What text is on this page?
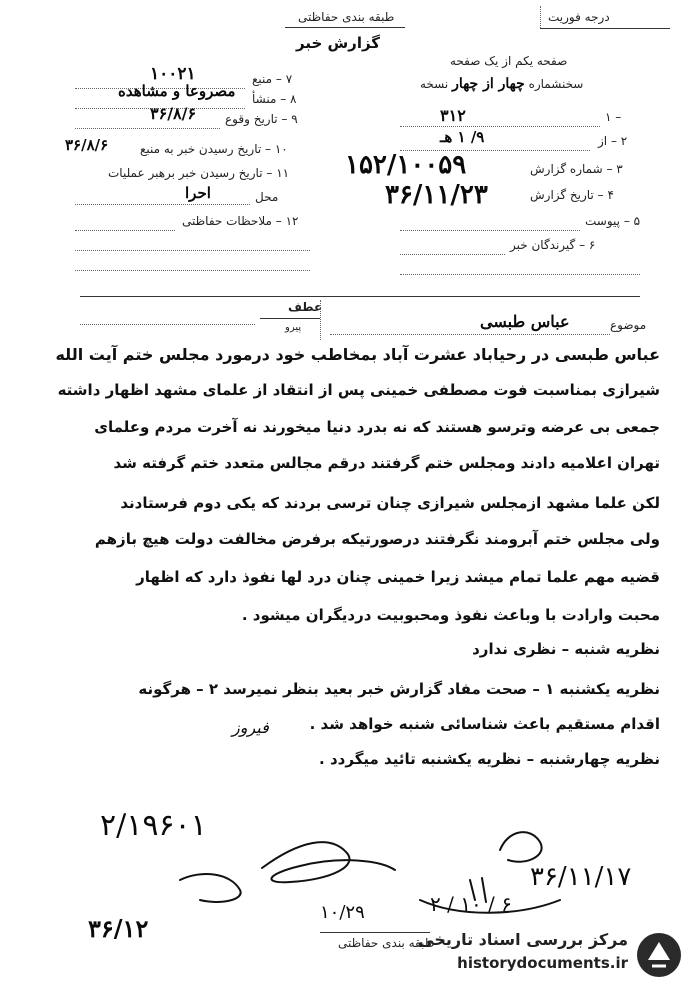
طبقه بندی حفاظتی
گزارش خبر
درجه فوریت
صفحه یکم از یک صفحه
سخنشماره چهار از چهار نسخه
۷ – منبع
۱۰۰۲۱
۸ – منشأ
مصروعا و مشاهده
۹ – تاریخ وقوع
۳۶/۸/۶
۱۰ – تاریخ رسیدن خبر به منبع
۳۶/۸/۶
۱۱ – تاریخ رسیدن خبر برهبر عملیات
محل
احرا
۱۲ – ملاحظات حفاظتی
۱ –
۳۱۲
۲ – از
۹/ ۱ هـ
۳ – شماره گزارش
۱۵۲/۱۰۰۵۹
۴ – تاریخ گزارش
۳۶/۱۱/۲۳
۵ – پیوست
۶ – گیرندگان خبر
عطف
پیرو	موضوع
عباس طبسی
عباس طبسی در رحیاباد عشرت آباد بمخاطب خود درمورد مجلس ختم آیت الله
شیرازی بمناسبت فوت مصطفی خمینی پس از انتقاد از علمای مشهد اظهار داشته
جمعی بی عرضه وترسو هستند که نه بدرد دنیا میخورند نه آخرت مردم وعلمای
تهران اعلامیه دادند ومجلس ختم گرفتند درقم مجالس متعدد ختم گرفته شد
لکن علما مشهد ازمجلس شیرازی چنان ترسی بردند که یکی دوم فرستادند
ولی مجلس ختم آبرومند نگرفتند درصورتیکه برفرض مخالفت دولت هیچ بازهم
قضیه مهم علما تمام میشد زیرا خمینی چنان درد لها نفوذ دارد که اظهار
محبت وارادت با وباعث نفوذ ومحبوبیت دردیگران میشود .
نظریه شنبه – نظری ندارد
نظریه یکشنبه ۱ – صحت مفاد گزارش خبر بعید بنظر نمیرسد ۲ – هرگونه
اقدام مستقیم باعث شناسائی شنبه خواهد شد .
فیروز
نظریه چهارشنبه – نظریه یکشنبه تائید میگردد .
۲/۱۹۶۰۱
۳۶/۱۱/۱۷
۱۰/۲۹	۲ / ۱۰ / ۶
۳۶/۱۲	طبقه بندی حفاظتی
مرکز بررسی اسناد تاریخی
historydocuments.ir
